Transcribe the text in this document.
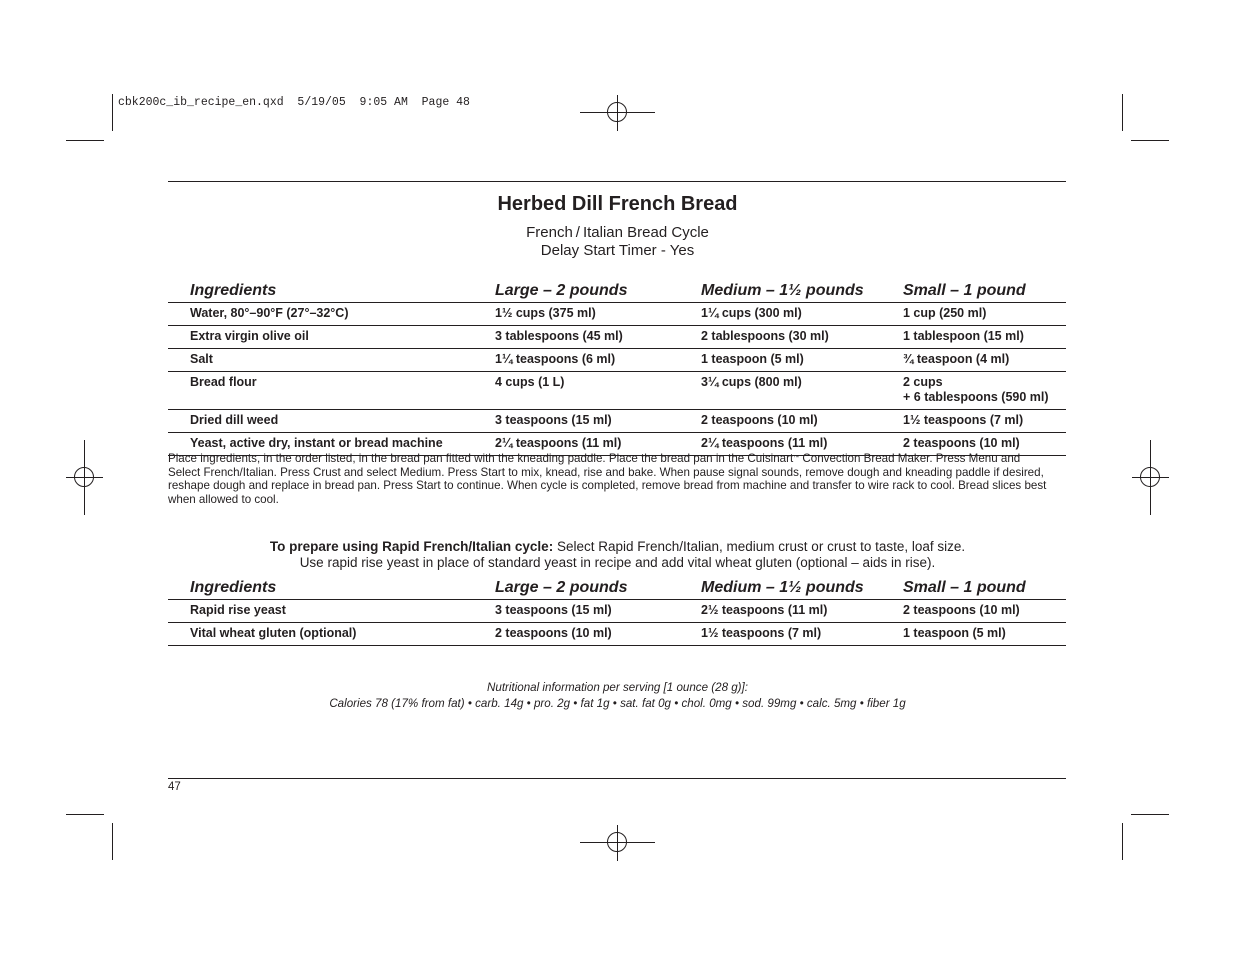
cbk200c_ib_recipe_en.qxd  5/19/05  9:05 AM  Page 48
Herbed Dill French Bread
French / Italian Bread Cycle
Delay Start Timer - Yes
Ingredients	Large – 2 pounds	Medium – 1½ pounds	Small – 1 pound
Water, 80°–90°F (27°–32°C)	1½ cups (375 ml)	1¼ cups (300 ml)	1 cup (250 ml)
Extra virgin olive oil	3 tablespoons (45 ml)	2 tablespoons (30 ml)	1 tablespoon (15 ml)
Salt	1¼ teaspoons (6 ml)	1 teaspoon (5 ml)	¾ teaspoon (4 ml)
Bread flour	4 cups (1 L)	3¼ cups (800 ml)	2 cups
+ 6 tablespoons (590 ml)
Dried dill weed	3 teaspoons (15 ml)	2 teaspoons (10 ml)	1½ teaspoons (7 ml)
Yeast, active dry, instant or bread machine	2¼ teaspoons (11 ml)	2¼ teaspoons (11 ml)	2 teaspoons (10 ml)
Place ingredients, in the order listed, in the bread pan fitted with the kneading paddle. Place the bread pan in the Cuisinart™ Convection Bread Maker. Press Menu and Select French/Italian. Press Crust and select Medium. Press Start to mix, knead, rise and bake. When pause signal sounds, remove dough and kneading paddle if desired, reshape dough and replace in bread pan. Press Start to continue. When cycle is completed, remove bread from machine and transfer to wire rack to cool. Bread slices best when allowed to cool.
To prepare using Rapid French/Italian cycle: Select Rapid French/Italian, medium crust or crust to taste, loaf size.
Use rapid rise yeast in place of standard yeast in recipe and add vital wheat gluten (optional – aids in rise).
Ingredients	Large – 2 pounds	Medium – 1½ pounds	Small – 1 pound
Rapid rise yeast	3 teaspoons (15 ml)	2½ teaspoons (11 ml)	2 teaspoons (10 ml)
Vital wheat gluten (optional)	2 teaspoons (10 ml)	1½ teaspoons (7 ml)	1 teaspoon (5 ml)
Nutritional information per serving [1 ounce (28 g)]:
Calories 78 (17% from fat) • carb. 14g • pro. 2g • fat 1g • sat. fat 0g • chol. 0mg • sod. 99mg • calc. 5mg • fiber 1g
47
